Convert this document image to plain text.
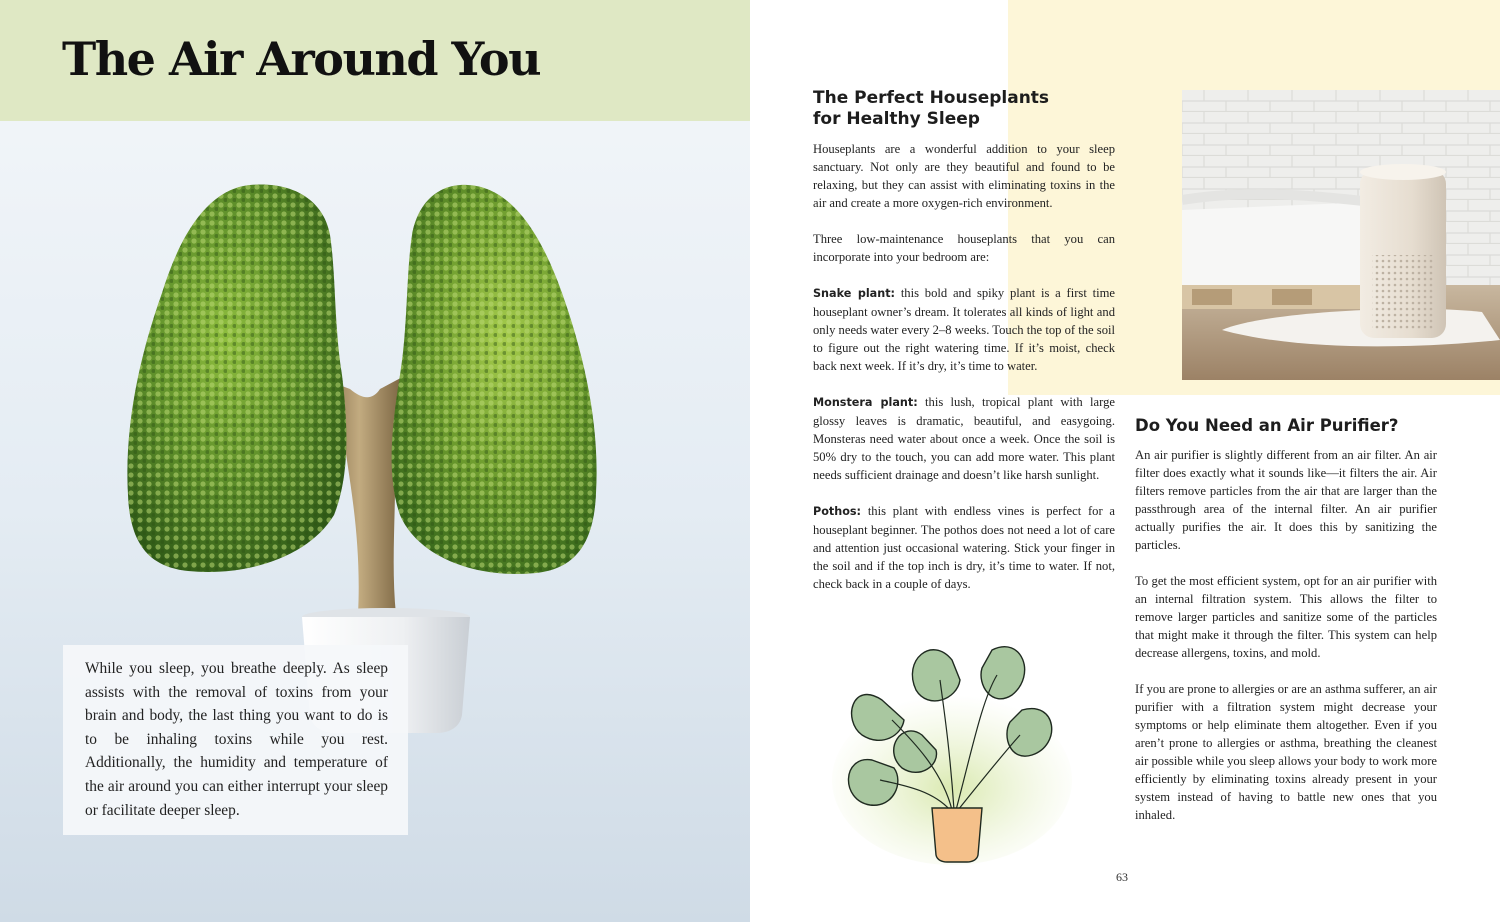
The Air Around You

While you sleep, you breathe deeply. As sleep assists with the removal of toxins from your brain and body, the last thing you want to do is to be inhaling toxins while you rest. Additionally, the humidity and temperature of the air around you can either interrupt your sleep or facilitate deeper sleep.

The Perfect Houseplants
for Healthy Sleep

Houseplants are a wonderful addition to your sleep sanctuary. Not only are they beautiful and found to be relaxing, but they can assist with eliminating toxins in the air and create a more oxygen-rich environment.

Three low-maintenance houseplants that you can incorporate into your bedroom are:

Snake plant: this bold and spiky plant is a first time houseplant owner’s dream. It tolerates all kinds of light and only needs water every 2–8 weeks. Touch the top of the soil to figure out the right watering time. If it’s moist, check back next week. If it’s dry, it’s time to water.

Monstera plant: this lush, tropical plant with large glossy leaves is dramatic, beautiful, and easygoing. Monsteras need water about once a week. Once the soil is 50% dry to the touch, you can add more water. This plant needs sufficient drainage and doesn’t like harsh sunlight.

Pothos: this plant with endless vines is perfect for a houseplant beginner. The pothos does not need a lot of care and attention just occasional watering. Stick your finger in the soil and if the top inch is dry, it’s time to water. If not, check back in a couple of days.

Do You Need an Air Purifier?

An air purifier is slightly different from an air filter. An air filter does exactly what it sounds like—it filters the air. Air filters remove particles from the air that are larger than the passthrough area of the internal filter. An air purifier actually purifies the air. It does this by sanitizing the particles.

To get the most efficient system, opt for an air purifier with an internal filtration system. This allows the filter to remove larger particles and sanitize some of the particles that might make it through the filter. This system can help decrease allergens, toxins, and mold.

If you are prone to allergies or are an asthma sufferer, an air purifier with a filtration system might decrease your symptoms or help eliminate them altogether. Even if you aren’t prone to allergies or asthma, breathing the cleanest air possible while you sleep allows your body to work more efficiently by eliminating toxins already present in your system instead of having to battle new ones that you inhaled.

63
